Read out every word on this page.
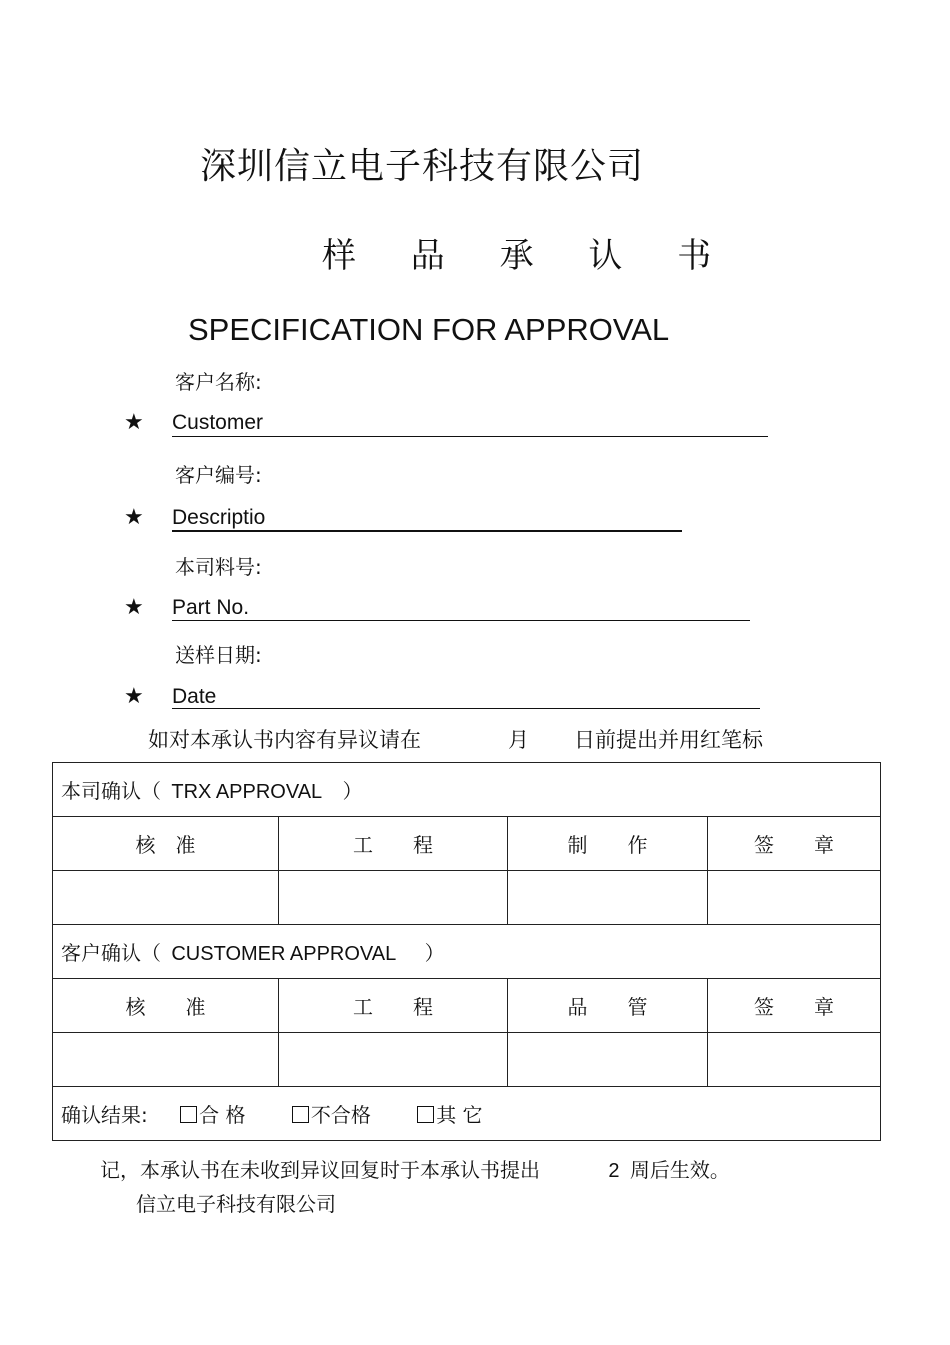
深圳信立电子科技有限公司
样 品 承 认 书
SPECIFICATION FOR APPROVAL
客户名称:
★ Customer
客户编号:
★ Descriptio
本司料号:
★ Part No.
送样日期:
★ Date
如对本承认书内容有异议请在	月 日前提出并用红笔标
本司确认（ TRX APPROVAL ）			
核　准	工　　程	制　　作	签　　章

客户确认（ CUSTOMER APPROVAL ）			
核　　准	工　　程	品　　管	签　　章

确认结果: 合 格 不合格 其 它			
记，本承认书在未收到异议回复时于本承认书提出	2 周后生效。
信立电子科技有限公司
